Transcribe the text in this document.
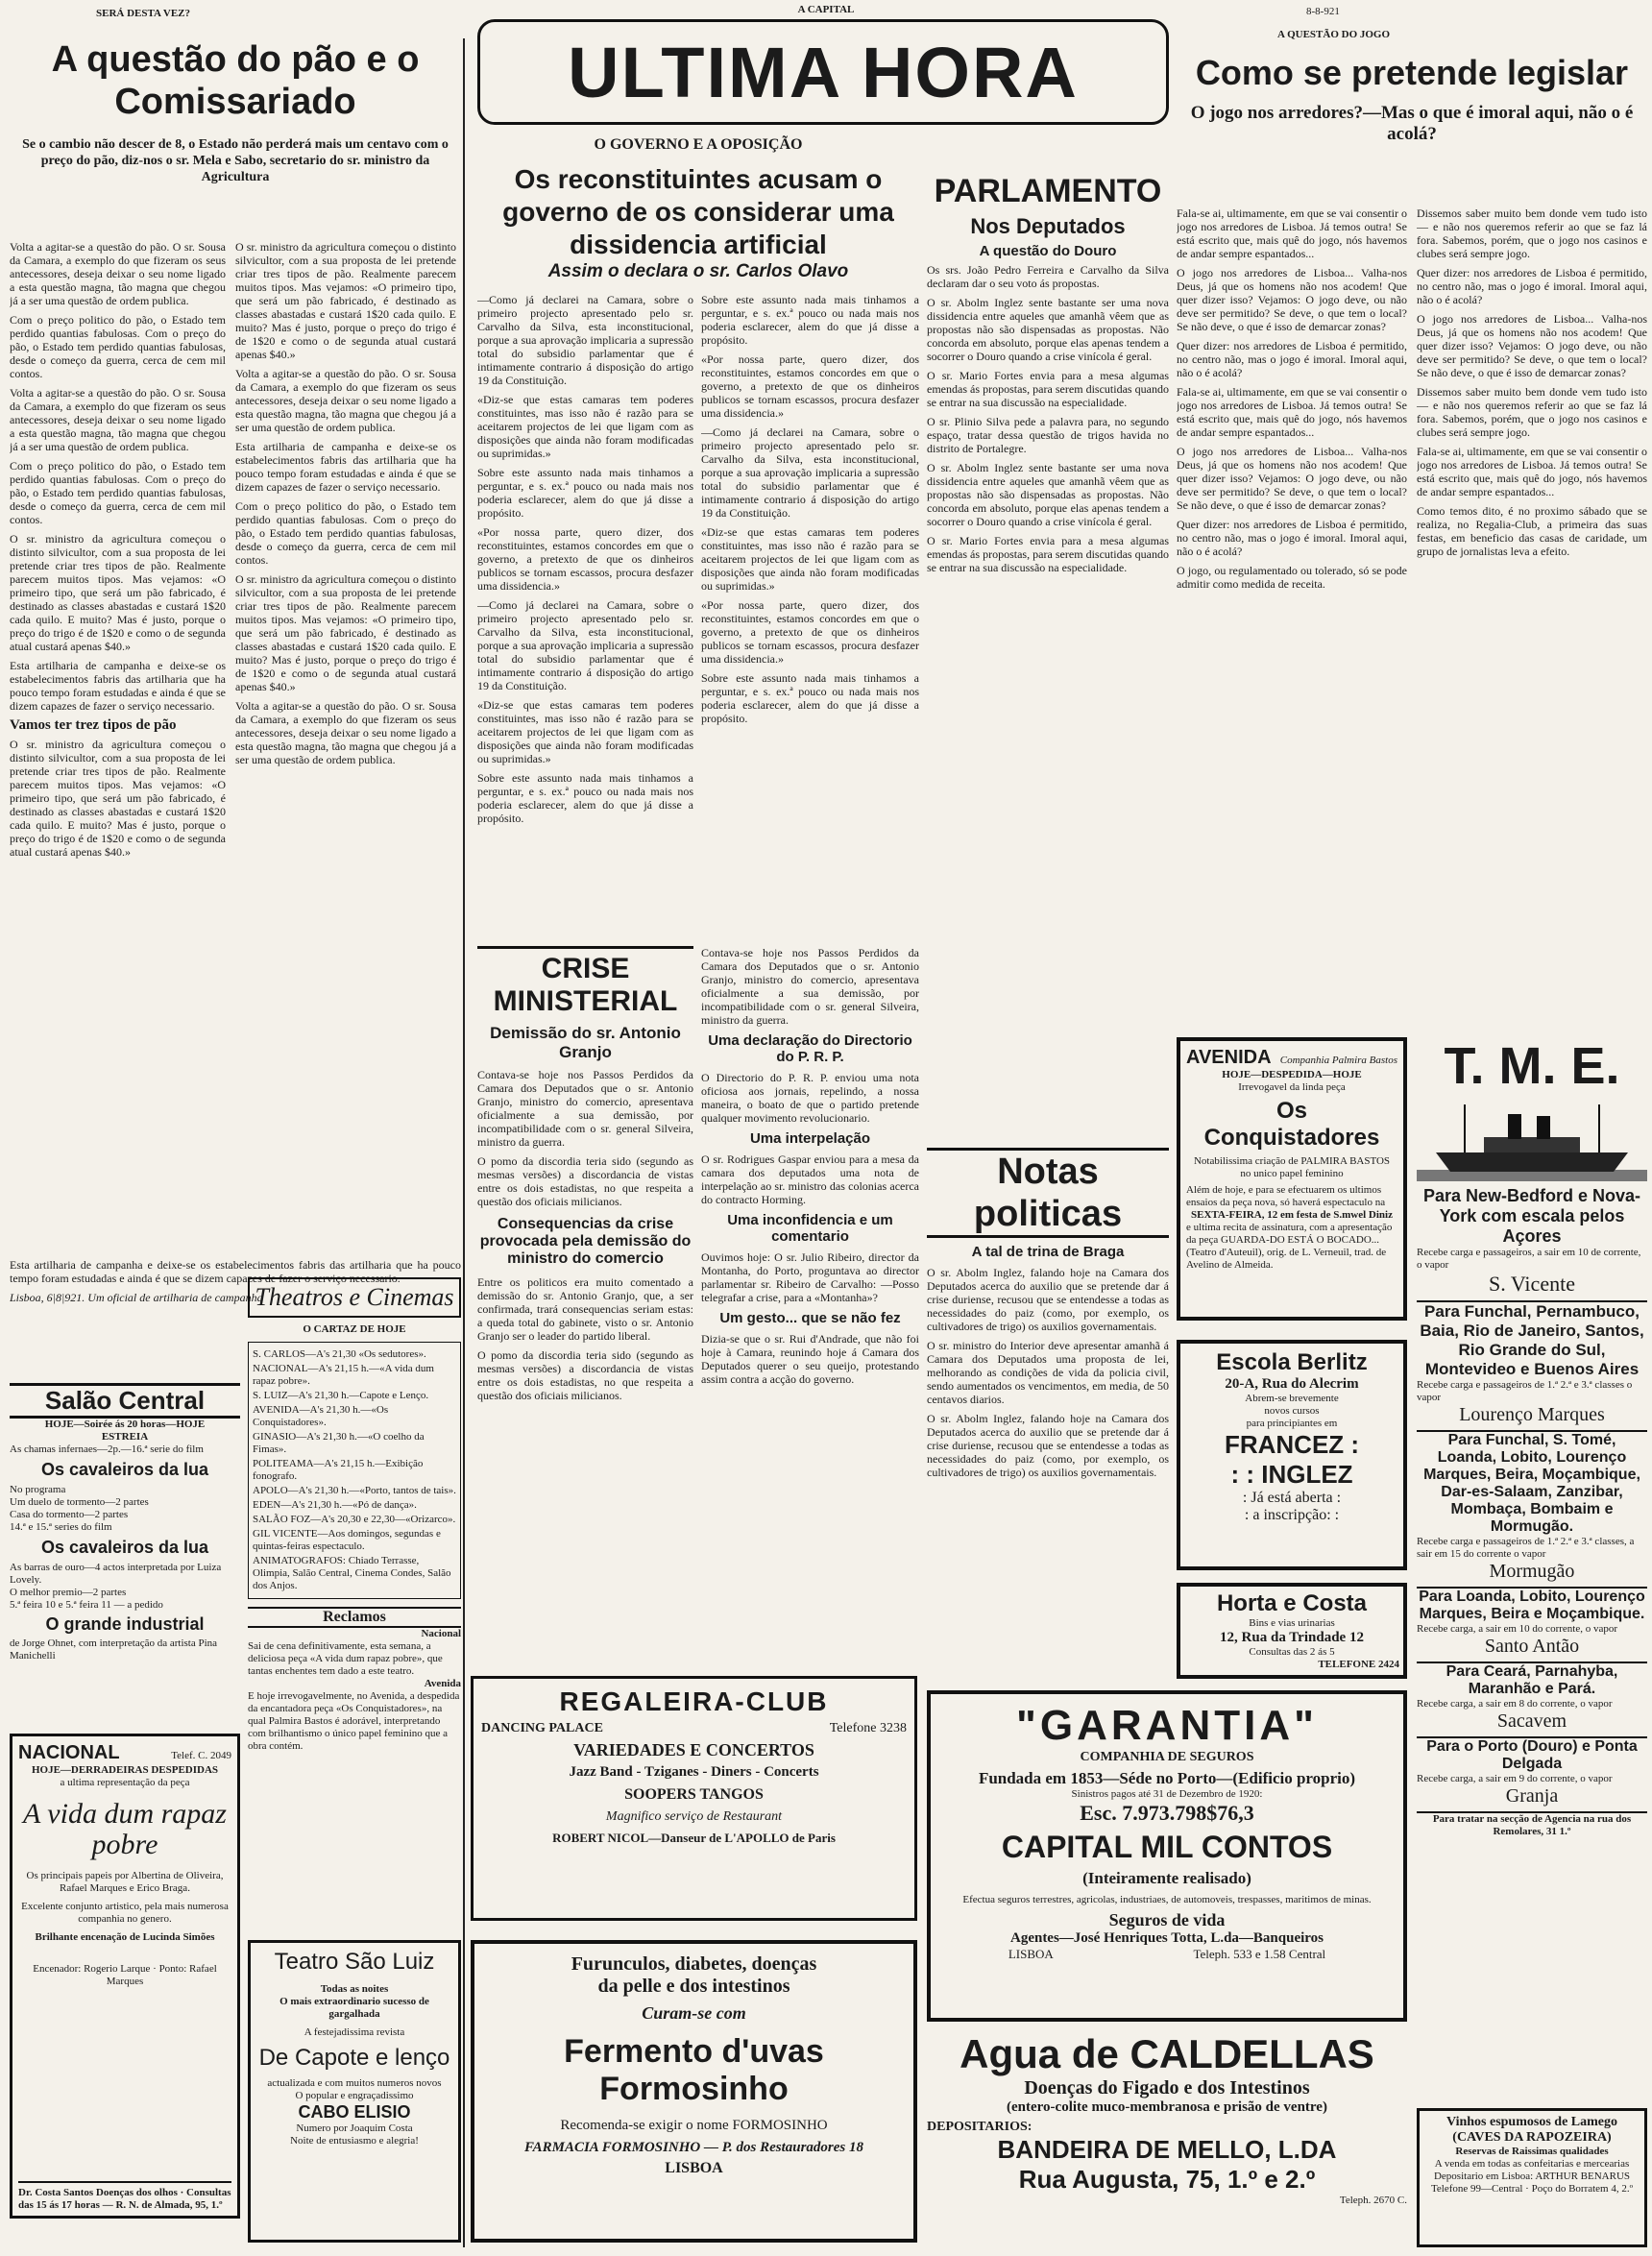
SERÁ DESTA VEZ?	A CAPITAL	8-8-921
A QUESTÃO DO JOGO
A questão do pão e o Comissariado
Se o cambio não descer de 8, o Estado não perderá mais um centavo com o preço do pão, diz-nos o sr. Mela e Sabo, secretario do sr. ministro da Agricultura

Volta a agitar-se a questão do pão. O sr. Sousa da Camara, a exemplo do que fizeram os seus antecessores, deseja deixar o seu nome ligado a esta questão magna, tão magna que chegou já a ser uma questão de ordem publica.

Com o preço politico do pão, o Estado tem perdido quantias fabulosas. Com o preço do pão, o Estado tem perdido quantias fabulosas, desde o começo da guerra, cerca de cem mil contos.

Volta a agitar-se a questão do pão. O sr. Sousa da Camara, a exemplo do que fizeram os seus antecessores, deseja deixar o seu nome ligado a esta questão magna, tão magna que chegou já a ser uma questão de ordem publica.

Com o preço politico do pão, o Estado tem perdido quantias fabulosas. Com o preço do pão, o Estado tem perdido quantias fabulosas, desde o começo da guerra, cerca de cem mil contos.

O sr. ministro da agricultura começou o distinto silvicultor, com a sua proposta de lei pretende criar tres tipos de pão. Realmente parecem muitos tipos. Mas vejamos: «O primeiro tipo, que será um pão fabricado, é destinado as classes abastadas e custará 1$20 cada quilo. E muito? Mas é justo, porque o preço do trigo é de 1$20 e como o de segunda atual custará apenas $40.»

Esta artilharia de campanha e deixe-se os estabelecimentos fabris das artilharia que ha pouco tempo foram estudadas e ainda é que se dizem capazes de fazer o serviço necessario.

Vamos ter trez tipos de pão

O sr. ministro da agricultura começou o distinto silvicultor, com a sua proposta de lei pretende criar tres tipos de pão. Realmente parecem muitos tipos. Mas vejamos: «O primeiro tipo, que será um pão fabricado, é destinado as classes abastadas e custará 1$20 cada quilo. E muito? Mas é justo, porque o preço do trigo é de 1$20 e como o de segunda atual custará apenas $40.»

O sr. ministro da agricultura começou o distinto silvicultor, com a sua proposta de lei pretende criar tres tipos de pão. Realmente parecem muitos tipos. Mas vejamos: «O primeiro tipo, que será um pão fabricado, é destinado as classes abastadas e custará 1$20 cada quilo. E muito? Mas é justo, porque o preço do trigo é de 1$20 e como o de segunda atual custará apenas $40.»

Volta a agitar-se a questão do pão. O sr. Sousa da Camara, a exemplo do que fizeram os seus antecessores, deseja deixar o seu nome ligado a esta questão magna, tão magna que chegou já a ser uma questão de ordem publica.

Esta artilharia de campanha e deixe-se os estabelecimentos fabris das artilharia que ha pouco tempo foram estudadas e ainda é que se dizem capazes de fazer o serviço necessario.

Com o preço politico do pão, o Estado tem perdido quantias fabulosas. Com o preço do pão, o Estado tem perdido quantias fabulosas, desde o começo da guerra, cerca de cem mil contos.

O sr. ministro da agricultura começou o distinto silvicultor, com a sua proposta de lei pretende criar tres tipos de pão. Realmente parecem muitos tipos. Mas vejamos: «O primeiro tipo, que será um pão fabricado, é destinado as classes abastadas e custará 1$20 cada quilo. E muito? Mas é justo, porque o preço do trigo é de 1$20 e como o de segunda atual custará apenas $40.»

Volta a agitar-se a questão do pão. O sr. Sousa da Camara, a exemplo do que fizeram os seus antecessores, deseja deixar o seu nome ligado a esta questão magna, tão magna que chegou já a ser uma questão de ordem publica.

Esta artilharia de campanha e deixe-se os estabelecimentos fabris das artilharia que ha pouco tempo foram estudadas e ainda é que se dizem capazes de fazer o serviço necessario.
Lisboa, 6|8|921. Um oficial de artilharia de campanha
Salão Central
HOJE—Soirée ás 20 horas—HOJE
ESTREIA
As chamas infernaes—2p.—16.ª serie do film
Os cavaleiros da lua
No programa
Um duelo de tormento—2 partes
Casa do tormento—2 partes
14.ª e 15.ª series do film
Os cavaleiros da lua
As barras de ouro—4 actos interpretada por Luiza Lovely.
O melhor premio—2 partes
5.ª feira 10 e 5.ª feira 11 — a pedido
O grande industrial
de Jorge Ohnet, com interpretação da artista Pina Manichelli
NACIONAL	Telef. C. 2049
HOJE—DERRADEIRAS DESPEDIDAS
a ultima representação da peça
A vida dum rapaz pobre
Os principais papeis por Albertina de Oliveira, Rafael Marques e Erico Braga.
Excelente conjunto artistico, pela mais numerosa companhia no genero.
Brilhante encenação de Lucinda Simões
Encenador: Rogerio Larque · Ponto: Rafael Marques
Dr. Costa Santos Doenças dos olhos · Consultas das 15 ás 17 horas — R. N. de Almada, 95, 1.º
Theatros e Cinemas
O CARTAZ DE HOJE
S. CARLOS—A's 21,30 «Os sedutores».
NACIONAL—A's 21,15 h.—«A vida dum rapaz pobre».
S. LUIZ—A's 21,30 h.—Capote e Lenço.
AVENIDA—A's 21,30 h.—«Os Conquistadores».
GINASIO—A's 21,30 h.—«O coelho da Fimas».
POLITEAMA—A's 21,15 h.—Exibição fonografo.
APOLO—A's 21,30 h.—«Porto, tantos de tais».
EDEN—A's 21,30 h.—«Pó de dança».
SALÃO FOZ—A's 20,30 e 22,30—«Orizarco».
GIL VICENTE—Aos domingos, segundas e quintas-feiras espectaculo.
ANIMATOGRAFOS: Chiado Terrasse, Olimpia, Salão Central, Cinema Condes, Salão dos Anjos.
Reclamos
Nacional
Sai de cena definitivamente, esta semana, a deliciosa peça «A vida dum rapaz pobre», que tantas enchentes tem dado a este teatro.
Avenida
E hoje irrevogavelmente, no Avenida, a despedida da encantadora peça «Os Conquistadores», na qual Palmira Bastos é adorável, interpretando com brilhantismo o único papel feminino que a obra contém.
ULTIMA HORA
O GOVERNO E A OPOSIÇÃO
Os reconstituintes acusam o governo de os considerar uma dissidencia artificial
Assim o declara o sr. Carlos Olavo

—Como já declarei na Camara, sobre o primeiro projecto apresentado pelo sr. Carvalho da Silva, esta inconstitucional, porque a sua aprovação implicaria a supressão total do subsidio parlamentar que é intimamente contrario á disposição do artigo 19 da Constituição.

«Diz-se que estas camaras tem poderes constituintes, mas isso não é razão para se aceitarem projectos de lei que ligam com as disposições que ainda não foram modificadas ou suprimidas.»

Sobre este assunto nada mais tinhamos a perguntar, e s. ex.ª pouco ou nada mais nos poderia esclarecer, alem do que já disse a propósito.

«Por nossa parte, quero dizer, dos reconstituintes, estamos concordes em que o governo, a pretexto de que os dinheiros publicos se tornam escassos, procura desfazer uma dissidencia.»

—Como já declarei na Camara, sobre o primeiro projecto apresentado pelo sr. Carvalho da Silva, esta inconstitucional, porque a sua aprovação implicaria a supressão total do subsidio parlamentar que é intimamente contrario á disposição do artigo 19 da Constituição.

«Diz-se que estas camaras tem poderes constituintes, mas isso não é razão para se aceitarem projectos de lei que ligam com as disposições que ainda não foram modificadas ou suprimidas.»

Sobre este assunto nada mais tinhamos a perguntar, e s. ex.ª pouco ou nada mais nos poderia esclarecer, alem do que já disse a propósito.

Sobre este assunto nada mais tinhamos a perguntar, e s. ex.ª pouco ou nada mais nos poderia esclarecer, alem do que já disse a propósito.

«Por nossa parte, quero dizer, dos reconstituintes, estamos concordes em que o governo, a pretexto de que os dinheiros publicos se tornam escassos, procura desfazer uma dissidencia.»

—Como já declarei na Camara, sobre o primeiro projecto apresentado pelo sr. Carvalho da Silva, esta inconstitucional, porque a sua aprovação implicaria a supressão total do subsidio parlamentar que é intimamente contrario á disposição do artigo 19 da Constituição.

«Diz-se que estas camaras tem poderes constituintes, mas isso não é razão para se aceitarem projectos de lei que ligam com as disposições que ainda não foram modificadas ou suprimidas.»

«Por nossa parte, quero dizer, dos reconstituintes, estamos concordes em que o governo, a pretexto de que os dinheiros publicos se tornam escassos, procura desfazer uma dissidencia.»

Sobre este assunto nada mais tinhamos a perguntar, e s. ex.ª pouco ou nada mais nos poderia esclarecer, alem do que já disse a propósito.

CRISE MINISTERIAL
Demissão do sr. Antonio Granjo
Contava-se hoje nos Passos Perdidos da Camara dos Deputados que o sr. Antonio Granjo, ministro do comercio, apresentava oficialmente a sua demissão, por incompatibilidade com o sr. general Silveira, ministro da guerra.
O pomo da discordia teria sido (segundo as mesmas versões) a discordancia de vistas entre os dois estadistas, no que respeita a questão dos oficiais milicianos.
Consequencias da crise provocada pela demissão do ministro do comercio
Entre os politicos era muito comentado a demissão do sr. Antonio Granjo, que, a ser confirmada, trará consequencias seriam estas: a queda total do gabinete, visto o sr. Antonio Granjo ser o leader do partido liberal.
O pomo da discordia teria sido (segundo as mesmas versões) a discordancia de vistas entre os dois estadistas, no que respeita a questão dos oficiais milicianos.
Contava-se hoje nos Passos Perdidos da Camara dos Deputados que o sr. Antonio Granjo, ministro do comercio, apresentava oficialmente a sua demissão, por incompatibilidade com o sr. general Silveira, ministro da guerra.
Uma declaração do Directorio do P. R. P.
O Directorio do P. R. P. enviou uma nota oficiosa aos jornais, repelindo, a nossa maneira, o boato de que o partido pretende qualquer movimento revolucionario.
Uma interpelação
O sr. Rodrigues Gaspar enviou para a mesa da camara dos deputados uma nota de interpelação ao sr. ministro das colonias acerca do contracto Horming.
Uma inconfidencia e um comentario
Ouvimos hoje: O sr. Julio Ribeiro, director da Montanha, do Porto, proguntava ao director parlamentar sr. Ribeiro de Carvalho: —Posso telegrafar a crise, para a «Montanha»?
Um gesto... que se não fez
Dizia-se que o sr. Rui d'Andrade, que não foi hoje à Camara, reunindo hoje á Camara dos Deputados querer o seu queijo, protestando assim contra a acção do governo.
PARLAMENTO
Nos Deputados
A questão do Douro
Os srs. João Pedro Ferreira e Carvalho da Silva declaram dar o seu voto ás propostas.
O sr. Abolm Inglez sente bastante ser uma nova dissidencia entre aqueles que amanhã vêem que as propostas não são dispensadas as propostas. Não concorda em absoluto, porque elas apenas tendem a socorrer o Douro quando a crise vinícola é geral.
O sr. Mario Fortes envia para a mesa algumas emendas ás propostas, para serem discutidas quando se entrar na sua discussão na especialidade.
O sr. Plinio Silva pede a palavra para, no segundo espaço, tratar dessa questão de trigos havida no distrito de Portalegre.
O sr. Abolm Inglez sente bastante ser uma nova dissidencia entre aqueles que amanhã vêem que as propostas não são dispensadas as propostas. Não concorda em absoluto, porque elas apenas tendem a socorrer o Douro quando a crise vinícola é geral.
O sr. Mario Fortes envia para a mesa algumas emendas ás propostas, para serem discutidas quando se entrar na sua discussão na especialidade.
Notas politicas
A tal de trina de Braga
O sr. Abolm Inglez, falando hoje na Camara dos Deputados acerca do auxilio que se pretende dar á crise duriense, recusou que se entendesse a todas as necessidades do paiz (como, por exemplo, os cultivadores de trigo) os auxilios governamentais.
O sr. ministro do Interior deve apresentar amanhã á Camara dos Deputados uma proposta de lei, melhorando as condições de vida da policia civil, sendo aumentados os vencimentos, em media, de 50 centavos diarios.
O sr. Abolm Inglez, falando hoje na Camara dos Deputados acerca do auxilio que se pretende dar á crise duriense, recusou que se entendesse a todas as necessidades do paiz (como, por exemplo, os cultivadores de trigo) os auxilios governamentais.
Como se pretende legislar
O jogo nos arredores?—Mas o que é imoral aqui, não o é acolá?

Fala-se ai, ultimamente, em que se vai consentir o jogo nos arredores de Lisboa. Já temos outra! Se está escrito que, mais quê do jogo, nós havemos de andar sempre espantados...

O jogo nos arredores de Lisboa... Valha-nos Deus, já que os homens não nos acodem! Que quer dizer isso? Vejamos: O jogo deve, ou não deve ser permitido? Se deve, o que tem o local? Se não deve, o que é isso de demarcar zonas?

Quer dizer: nos arredores de Lisboa é permitido, no centro não, mas o jogo é imoral. Imoral aqui, não o é acolá?

Fala-se ai, ultimamente, em que se vai consentir o jogo nos arredores de Lisboa. Já temos outra! Se está escrito que, mais quê do jogo, nós havemos de andar sempre espantados...

O jogo nos arredores de Lisboa... Valha-nos Deus, já que os homens não nos acodem! Que quer dizer isso? Vejamos: O jogo deve, ou não deve ser permitido? Se deve, o que tem o local? Se não deve, o que é isso de demarcar zonas?

Quer dizer: nos arredores de Lisboa é permitido, no centro não, mas o jogo é imoral. Imoral aqui, não o é acolá?

O jogo, ou regulamentado ou tolerado, só se pode admitir como medida de receita.

Dissemos saber muito bem donde vem tudo isto — e não nos queremos referir ao que se faz lá fora. Sabemos, porém, que o jogo nos casinos e clubes será sempre jogo.

Quer dizer: nos arredores de Lisboa é permitido, no centro não, mas o jogo é imoral. Imoral aqui, não o é acolá?

O jogo nos arredores de Lisboa... Valha-nos Deus, já que os homens não nos acodem! Que quer dizer isso? Vejamos: O jogo deve, ou não deve ser permitido? Se deve, o que tem o local? Se não deve, o que é isso de demarcar zonas?

Dissemos saber muito bem donde vem tudo isto — e não nos queremos referir ao que se faz lá fora. Sabemos, porém, que o jogo nos casinos e clubes será sempre jogo.

Fala-se ai, ultimamente, em que se vai consentir o jogo nos arredores de Lisboa. Já temos outra! Se está escrito que, mais quê do jogo, nós havemos de andar sempre espantados...

Como temos dito, é no proximo sábado que se realiza, no Regalia-Club, a primeira das suas festas, em beneficio das casas de caridade, um grupo de jornalistas leva a efeito.

AVENIDA Companhia Palmira Bastos
HOJE—DESPEDIDA—HOJE
Irrevogavel da linda peça
Os Conquistadores
Notabilissima criação de PALMIRA BASTOS
no unico papel feminino
Além de hoje, e para se efectuarem os ultimos ensaios da peça nova, só haverá espectaculo na
SEXTA-FEIRA, 12 em festa de S.mwel Diniz
e ultima recita de assinatura, com a apresentação da peça GUARDA-DO ESTÁ O BOCADO... (Teatro d'Auteuil), orig. de L. Verneuil, trad. de Avelino de Almeida.
Escola Berlitz
20-A, Rua do Alecrim
Abrem-se brevemente
novos cursos
para principiantes em
FRANCEZ :
: : INGLEZ
: Já está aberta :
: a inscripção: :
Horta e Costa
Bins e vias urinarias
12, Rua da Trindade 12
Consultas das 2 ás 5
TELEFONE 2424
T. M. E.
Para New-Bedford e Nova-York com escala pelos Açores
Recebe carga e passageiros, a sair em 10 de corrente, o vapor
S. Vicente
Para Funchal, Pernambuco, Baia, Rio de Janeiro, Santos, Rio Grande do Sul, Montevideo e Buenos Aires
Recebe carga e passageiros de 1.ª 2.ª e 3.ª classes o vapor
Lourenço Marques
Para Funchal, S. Tomé, Loanda, Lobito, Lourenço Marques, Beira, Moçambique, Dar-es-Salaam, Zanzibar, Mombaça, Bombaim e Mormugão.
Recebe carga e passageiros de 1.ª 2.ª e 3.ª classes, a sair em 15 do corrente o vapor
Mormugão
Para Loanda, Lobito, Lourenço Marques, Beira e Moçambique.
Recebe carga, a sair em 10 do corrente, o vapor
Santo Antão
Para Ceará, Parnahyba, Maranhão e Pará.
Recebe carga, a sair em 8 do corrente, o vapor
Sacavem
Para o Porto (Douro) e Ponta Delgada
Recebe carga, a sair em 9 do corrente, o vapor
Granja
Para tratar na secção de Agencia na rua dos Remolares, 31 1.º
REGALEIRA-CLUB
DANCING PALACE	Telefone 3238
VARIEDADES E CONCERTOS
Jazz Band - Tziganes - Diners - Concerts
SOOPERS TANGOS
Magnifico serviço de Restaurant
ROBERT NICOL—Danseur de L'APOLLO de Paris
Teatro São Luiz
Todas as noites
O mais extraordinario sucesso de gargalhada
A festejadissima revista
De Capote e lenço
actualizada e com muitos numeros novos
O popular e engraçadissimo
CABO ELISIO
Numero por Joaquim Costa
Noite de entusiasmo e alegria!
Furunculos, diabetes, doenças
da pelle e dos intestinos
Curam-se com
Fermento d'uvas Formosinho
Recomenda-se exigir o nome FORMOSINHO
FARMACIA FORMOSINHO — P. dos Restauradores 18
LISBOA
"GARANTIA"
COMPANHIA DE SEGUROS
Fundada em 1853—Séde no Porto—(Edificio proprio)
Sinistros pagos até 31 de Dezembro de 1920:
Esc. 7.973.798$76,3
CAPITAL MIL CONTOS
(Inteiramente realisado)
Efectua seguros terrestres, agricolas, industriaes, de automoveis, trespasses, maritimos de minas.
Seguros de vida
Agentes—José Henriques Totta, L.da—Banqueiros
LISBOA	Teleph. 533 e 1.58 Central
Agua de CALDELLAS
Doenças do Figado e dos Intestinos
(entero-colite muco-membranosa e prisão de ventre)
DEPOSITARIOS:
BANDEIRA DE MELLO, L.DA
Rua Augusta, 75, 1.º e 2.º
Teleph. 2670 C.
Vinhos espumosos de Lamego (CAVES DA RAPOZEIRA)
Reservas de Raissimas qualidades
A venda em todas as confeitarias e mercearias
Depositario em Lisboa: ARTHUR BENARUS
Telefone 99—Central · Poço do Borratem 4, 2.º
